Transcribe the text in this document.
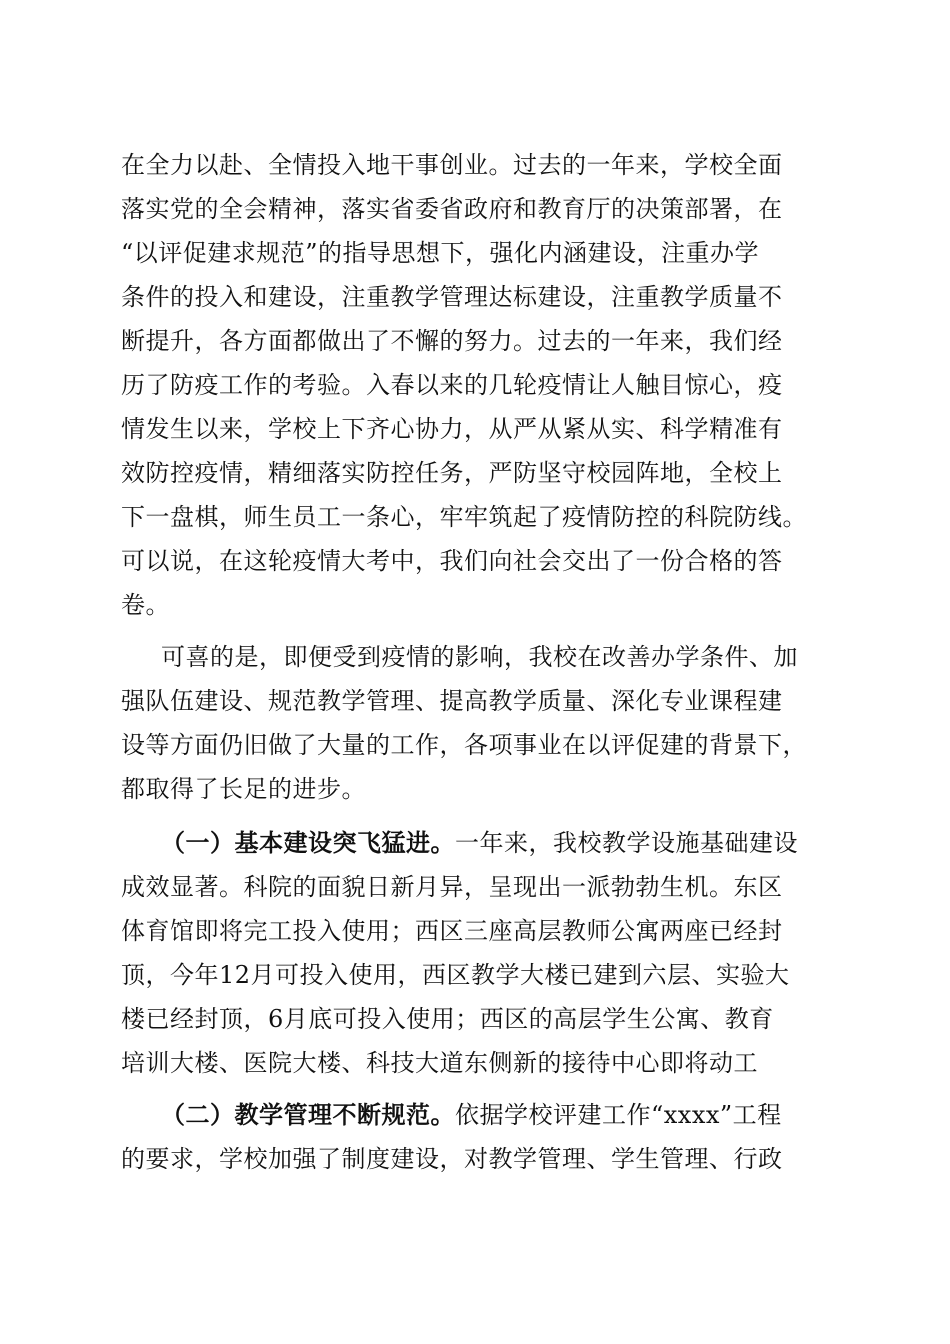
在全力以赴、全情投入地干事创业。过去的一年来，学校全面
落实党的全会精神，落实省委省政府和教育厅的决策部署，在
“以评促建求规范”的指导思想下，强化内涵建设，注重办学
条件的投入和建设，注重教学管理达标建设，注重教学质量不
断提升，各方面都做出了不懈的努力。过去的一年来，我们经
历了防疫工作的考验。入春以来的几轮疫情让人触目惊心，疫
情发生以来，学校上下齐心协力，从严从紧从实、科学精准有
效防控疫情，精细落实防控任务，严防坚守校园阵地，全校上
下一盘棋，师生员工一条心，牢牢筑起了疫情防控的科院防线。
可以说，在这轮疫情大考中，我们向社会交出了一份合格的答
卷。
可喜的是，即便受到疫情的影响，我校在改善办学条件、加
强队伍建设、规范教学管理、提高教学质量、深化专业课程建
设等方面仍旧做了大量的工作，各项事业在以评促建的背景下，
都取得了长足的进步。
（一）基本建设突飞猛进。一年来，我校教学设施基础建设
成效显著。科院的面貌日新月异，呈现出一派勃勃生机。东区
体育馆即将完工投入使用；西区三座高层教师公寓两座已经封
顶，今年12月可投入使用，西区教学大楼已建到六层、实验大
楼已经封顶，6月底可投入使用；西区的高层学生公寓、教育
培训大楼、医院大楼、科技大道东侧新的接待中心即将动工
（二）教学管理不断规范。依据学校评建工作“xxxx”工程
的要求，学校加强了制度建设，对教学管理、学生管理、行政
